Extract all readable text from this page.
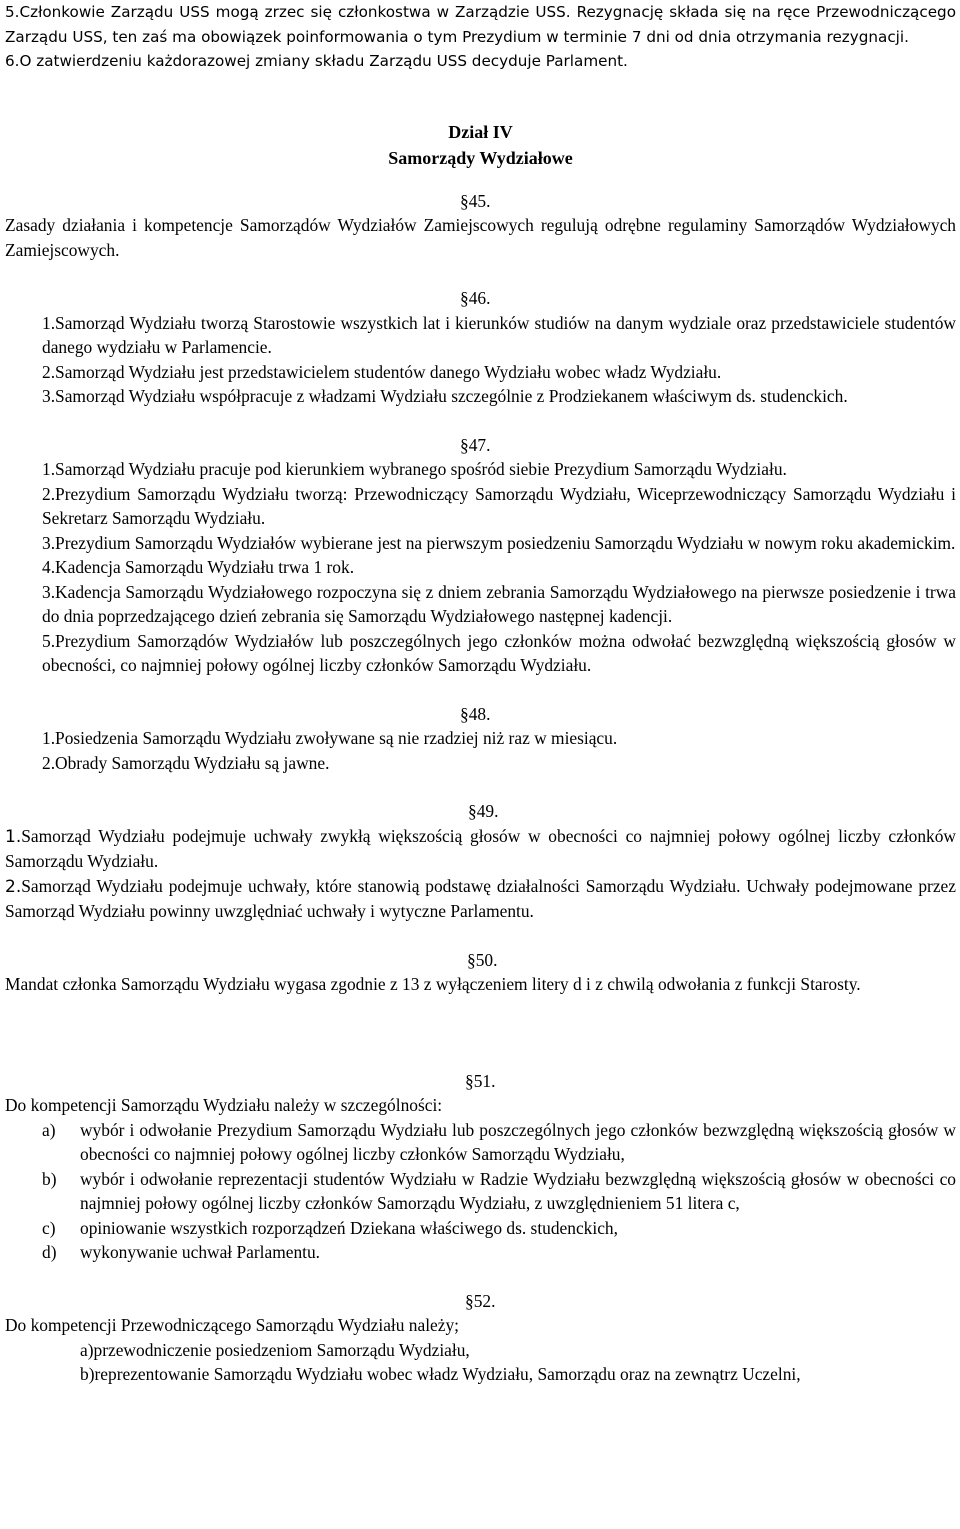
5.Członkowie Zarządu USS mogą zrzec się członkostwa w Zarządzie USS. Rezygnację składa się na ręce Przewodniczącego Zarządu USS, ten zaś ma obowiązek poinformowania o tym Prezydium w terminie 7 dni od dnia otrzymania rezygnacji.

6.O zatwierdzeniu każdorazowej zmiany składu Zarządu USS decyduje Parlament.

Dział IV

Samorządy Wydziałowe

§45.

Zasady działania i kompetencje Samorządów Wydziałów Zamiejscowych regulują odrębne regulaminy Samorządów Wydziałowych Zamiejscowych.

§46.

1.Samorząd Wydziału tworzą Starostowie wszystkich lat i kierunków studiów na danym wydziale oraz przedstawiciele studentów danego wydziału w Parlamencie.

2.Samorząd Wydziału jest przedstawicielem studentów danego Wydziału wobec władz Wydziału.

3.Samorząd Wydziału współpracuje z władzami Wydziału szczególnie z Prodziekanem właściwym ds. studenckich.

§47.

1.Samorząd Wydziału pracuje pod kierunkiem wybranego spośród siebie Prezydium Samorządu Wydziału.

2.Prezydium Samorządu Wydziału tworzą: Przewodniczący Samorządu Wydziału, Wiceprzewodniczący Samorządu Wydziału i Sekretarz Samorządu Wydziału.

3.Prezydium Samorządu Wydziałów wybierane jest na pierwszym posiedzeniu Samorządu Wydziału w nowym roku akademickim.

4.Kadencja Samorządu Wydziału trwa 1 rok.

3.Kadencja Samorządu Wydziałowego rozpoczyna się z dniem zebrania Samorządu Wydziałowego na pierwsze posiedzenie i trwa do dnia poprzedzającego dzień zebrania się Samorządu Wydziałowego następnej kadencji.

5.Prezydium Samorządów Wydziałów lub poszczególnych jego członków można odwołać bezwzględną większością głosów w obecności, co najmniej połowy ogólnej liczby członków Samorządu Wydziału.

§48.

1.Posiedzenia Samorządu Wydziału zwoływane są nie rzadziej niż raz w miesiącu.

2.Obrady Samorządu Wydziału są jawne.

§49.

1.Samorząd Wydziału podejmuje uchwały zwykłą większością głosów w obecności co najmniej połowy ogólnej liczby członków Samorządu Wydziału.

2.Samorząd Wydziału podejmuje uchwały, które stanowią podstawę działalności Samorządu Wydziału. Uchwały podejmowane przez Samorząd Wydziału powinny uwzględniać uchwały i wytyczne Parlamentu.

§50.

Mandat członka Samorządu Wydziału wygasa zgodnie z 13 z wyłączeniem litery d i z chwilą odwołania z funkcji Starosty.

§51.

Do kompetencji Samorządu Wydziału należy w szczególności:

a)	wybór i odwołanie Prezydium Samorządu Wydziału lub poszczególnych jego członków bezwzględną większością głosów w obecności co najmniej połowy ogólnej liczby członków Samorządu Wydziału,
b)	wybór i odwołanie reprezentacji studentów Wydziału w Radzie Wydziału bezwzględną większością głosów w obecności co najmniej połowy ogólnej liczby członków Samorządu Wydziału, z uwzględnieniem 51 litera c,
c)	opiniowanie wszystkich rozporządzeń Dziekana właściwego ds. studenckich,
d)	wykonywanie uchwał Parlamentu.

§52.

Do kompetencji Przewodniczącego Samorządu Wydziału należy;

a)przewodniczenie posiedzeniom Samorządu Wydziału,

b)reprezentowanie Samorządu Wydziału wobec władz Wydziału, Samorządu oraz na zewnątrz Uczelni,
